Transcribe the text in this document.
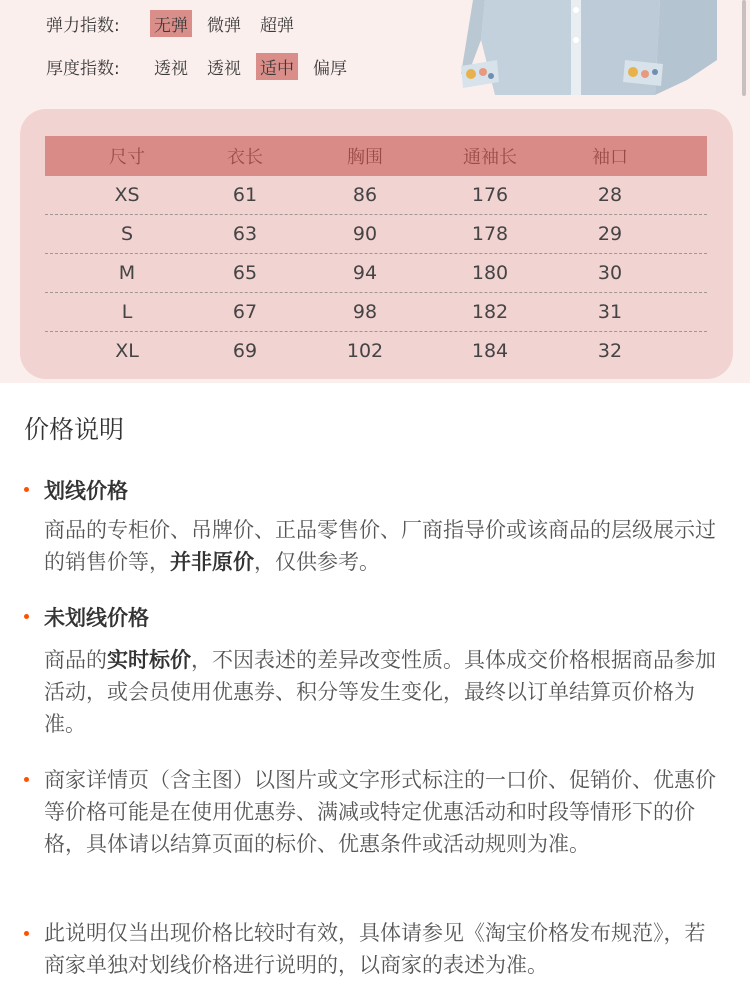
弹力指数:	无弹 微弹 超弹
厚度指数:	透视 透视 适中 偏厚
尺寸	衣长	胸围	通袖长	袖口
XS	61	86	176	28
S	63	90	178	29
M	65	94	180	30
L	67	98	182	31
XL	69	102	184	32
价格说明
划线价格
商品的专柜价、吊牌价、正品零售价、厂商指导价或该商品的层级展示过的销售价等，并非原价，仅供参考。
未划线价格
商品的实时标价，不因表述的差异改变性质。具体成交价格根据商品参加活动，或会员使用优惠券、积分等发生变化，最终以订单结算页价格为准。
商家详情页（含主图）以图片或文字形式标注的一口价、促销价、优惠价等价格可能是在使用优惠券、满减或特定优惠活动和时段等情形下的价格，具体请以结算页面的标价、优惠条件或活动规则为准。
此说明仅当出现价格比较时有效，具体请参见《淘宝价格发布规范》，若商家单独对划线价格进行说明的，以商家的表述为准。
